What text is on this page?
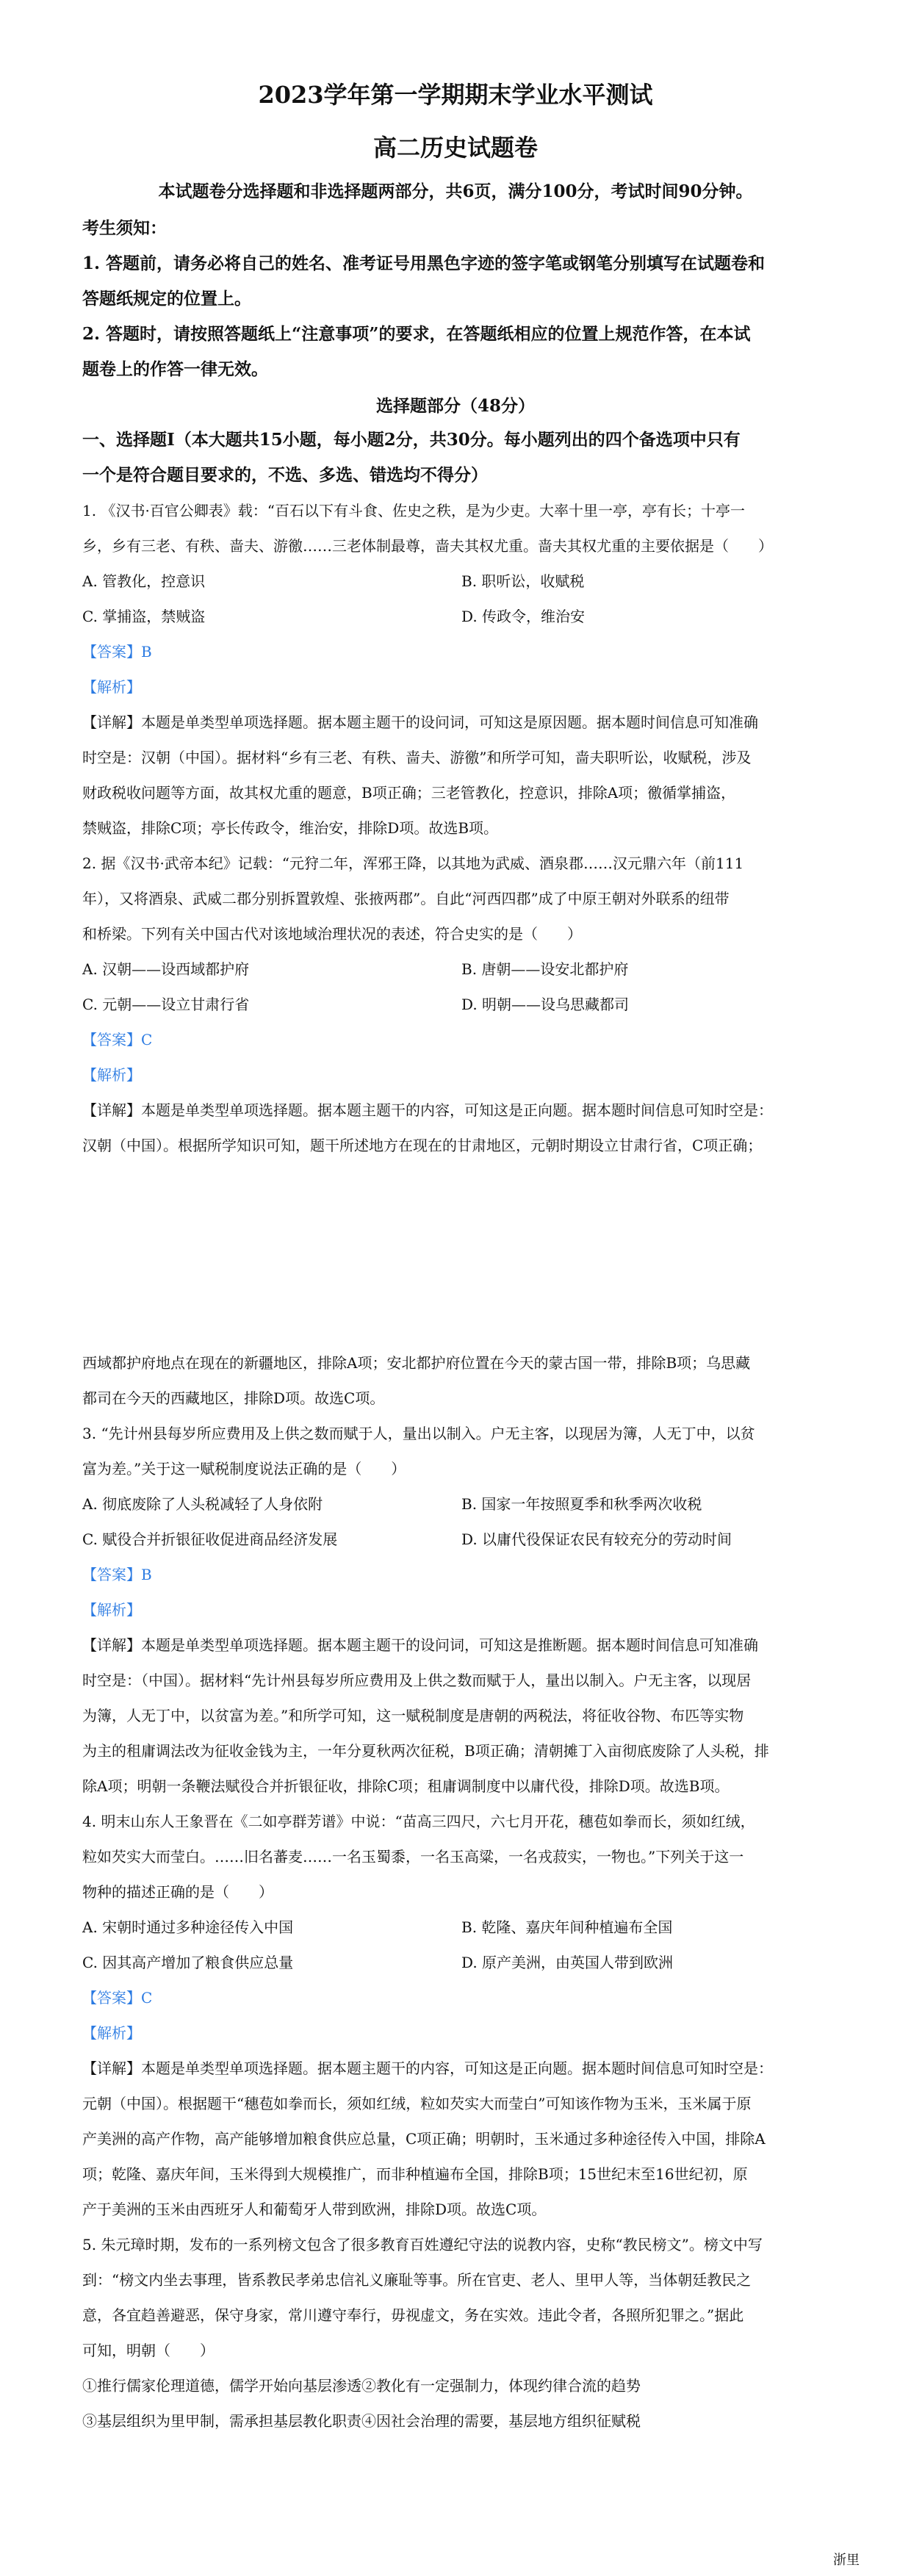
2023学年第一学期期末学业水平测试
高二历史试题卷
本试题卷分选择题和非选择题两部分，共6页，满分100分，考试时间90分钟。
考生须知：
1. 答题前，请务必将自己的姓名、准考证号用黑色字迹的签字笔或钢笔分别填写在试题卷和
答题纸规定的位置上。
2. 答题时，请按照答题纸上“注意事项”的要求，在答题纸相应的位置上规范作答，在本试
题卷上的作答一律无效。
选择题部分（48分）
一、选择题Ⅰ（本大题共15小题，每小题2分，共30分。每小题列出的四个备选项中只有
一个是符合题目要求的，不选、多选、错选均不得分）
1. 《汉书·百官公卿表》载：“百石以下有斗食、佐史之秩，是为少吏。大率十里一亭，亭有长；十亭一
乡，乡有三老、有秩、啬夫、游徼……三老体制最尊，啬夫其权尤重。啬夫其权尤重的主要依据是（　　）
A. 管教化，控意识	B. 职听讼，收赋税
C. 掌捕盗，禁贼盗	D. 传政令，维治安
【答案】B
【解析】
【详解】本题是单类型单项选择题。据本题主题干的设问词，可知这是原因题。据本题时间信息可知准确
时空是：汉朝（中国）。据材料“乡有三老、有秩、啬夫、游徼”和所学可知，啬夫职听讼，收赋税，涉及
财政税收问题等方面，故其权尤重的题意，B项正确；三老管教化，控意识，排除A项；徼循掌捕盗，
禁贼盗，排除C项；亭长传政令，维治安，排除D项。故选B项。
2. 据《汉书·武帝本纪》记载：“元狩二年，浑邪王降，以其地为武威、酒泉郡……汉元鼎六年（前111
年），又将酒泉、武威二郡分别拆置敦煌、张掖两郡”。自此“河西四郡”成了中原王朝对外联系的纽带
和桥梁。下列有关中国古代对该地域治理状况的表述，符合史实的是（　　）
A. 汉朝——设西域都护府	B. 唐朝——设安北都护府
C. 元朝——设立甘肃行省	D. 明朝——设乌思藏都司
【答案】C
【解析】
【详解】本题是单类型单项选择题。据本题主题干的内容，可知这是正向题。据本题时间信息可知时空是：
汉朝（中国）。根据所学知识可知，题干所述地方在现在的甘肃地区，元朝时期设立甘肃行省，C项正确；
西域都护府地点在现在的新疆地区，排除A项；安北都护府位置在今天的蒙古国一带，排除B项；乌思藏
都司在今天的西藏地区，排除D项。故选C项。
3. “先计州县每岁所应费用及上供之数而赋于人，量出以制入。户无主客，以现居为簿，人无丁中，以贫
富为差。”关于这一赋税制度说法正确的是（　　）
A. 彻底废除了人头税减轻了人身依附	B. 国家一年按照夏季和秋季两次收税
C. 赋役合并折银征收促进商品经济发展	D. 以庸代役保证农民有较充分的劳动时间
【答案】B
【解析】
【详解】本题是单类型单项选择题。据本题主题干的设问词，可知这是推断题。据本题时间信息可知准确
时空是：（中国）。据材料“先计州县每岁所应费用及上供之数而赋于人，量出以制入。户无主客，以现居
为簿，人无丁中，以贫富为差。”和所学可知，这一赋税制度是唐朝的两税法，将征收谷物、布匹等实物
为主的租庸调法改为征收金钱为主，一年分夏秋两次征税，B项正确；清朝摊丁入亩彻底废除了人头税，排
除A项；明朝一条鞭法赋役合并折银征收，排除C项；租庸调制度中以庸代役，排除D项。故选B项。
4. 明末山东人王象晋在《二如亭群芳谱》中说：“苗高三四尺，六七月开花，穗苞如拳而长，须如红绒，
粒如芡实大而莹白。……旧名蕃麦……一名玉蜀黍，一名玉高粱，一名戎菽实，一物也。”下列关于这一
物种的描述正确的是（　　）
A. 宋朝时通过多种途径传入中国	B. 乾隆、嘉庆年间种植遍布全国
C. 因其高产增加了粮食供应总量	D. 原产美洲，由英国人带到欧洲
【答案】C
【解析】
【详解】本题是单类型单项选择题。据本题主题干的内容，可知这是正向题。据本题时间信息可知时空是：
元朝（中国）。根据题干“穗苞如拳而长，须如红绒，粒如芡实大而莹白”可知该作物为玉米，玉米属于原
产美洲的高产作物，高产能够增加粮食供应总量，C项正确；明朝时，玉米通过多种途径传入中国，排除A
项；乾隆、嘉庆年间，玉米得到大规模推广，而非种植遍布全国，排除B项；15世纪末至16世纪初，原
产于美洲的玉米由西班牙人和葡萄牙人带到欧洲，排除D项。故选C项。
5. 朱元璋时期，发布的一系列榜文包含了很多教育百姓遵纪守法的说教内容，史称“教民榜文”。榜文中写
到：“榜文内坐去事理，皆系教民孝弟忠信礼义廉耻等事。所在官吏、老人、里甲人等，当体朝廷教民之
意，各宜趋善避恶，保守身家，常川遵守奉行，毋视虚文，务在实效。违此令者，各照所犯罪之。”据此
可知，明朝（　　）
①推行儒家伦理道德，儒学开始向基层渗透②教化有一定强制力，体现约律合流的趋势
③基层组织为里甲制，需承担基层教化职责④因社会治理的需要，基层地方组织征赋税
浙里
